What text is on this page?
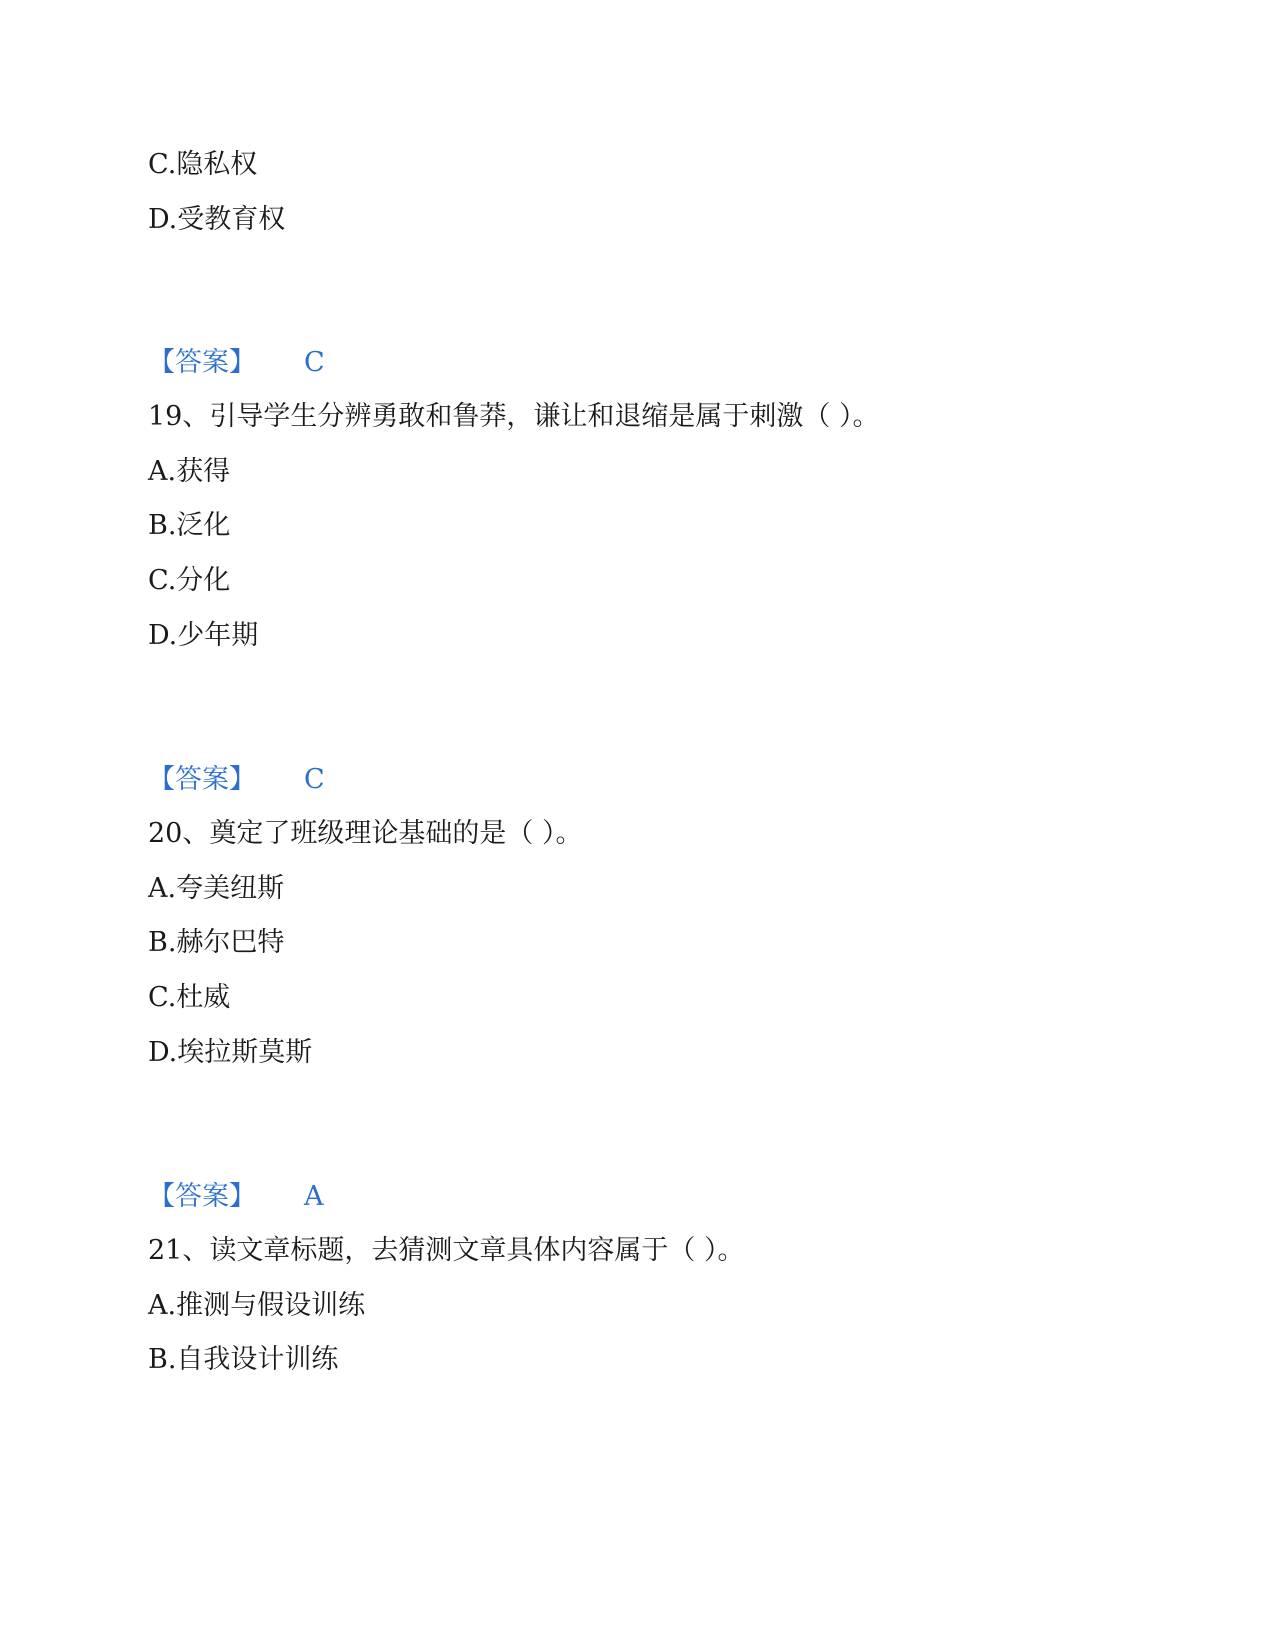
C.隐私权
D.受教育权
【答案】 C
19、引导学生分辨勇敢和鲁莽，谦让和退缩是属于刺激（ ）。
A.获得
B.泛化
C.分化
D.少年期
【答案】 C
20、奠定了班级理论基础的是（ ）。
A.夸美纽斯
B.赫尔巴特
C.杜威
D.埃拉斯莫斯
【答案】 A
21、读文章标题，去猜测文章具体内容属于（ ）。
A.推测与假设训练
B.自我设计训练
